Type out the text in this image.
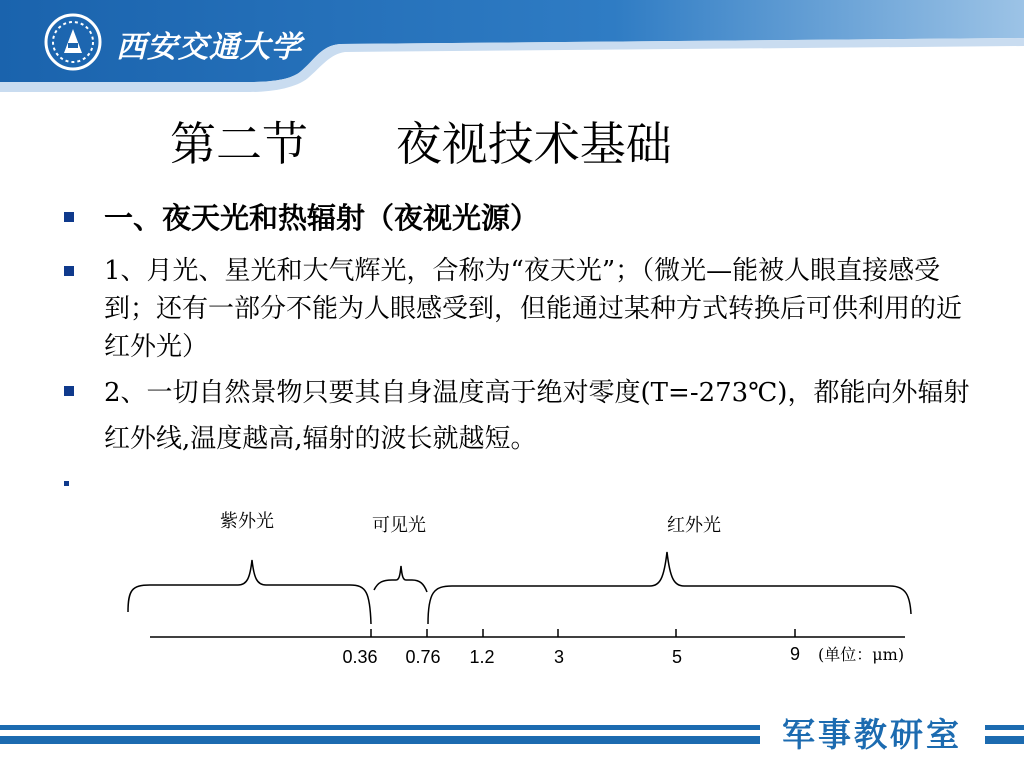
西安交通大学
第二节      夜视技术基础
一、夜天光和热辐射（夜视光源）
1、月光、星光和大气辉光，合称为“夜天光”；（微光—能被人眼直接感受到；还有一部分不能为人眼感受到，但能通过某种方式转换后可供利用的近红外光）
2、一切自然景物只要其自身温度高于绝对零度(T=-273℃)，都能向外辐射红外线,温度越高,辐射的波长就越短。
0.36 0.76 1.2	3	5	9
紫外光	可见光	红外光
(单位：μm)
军事教研室
